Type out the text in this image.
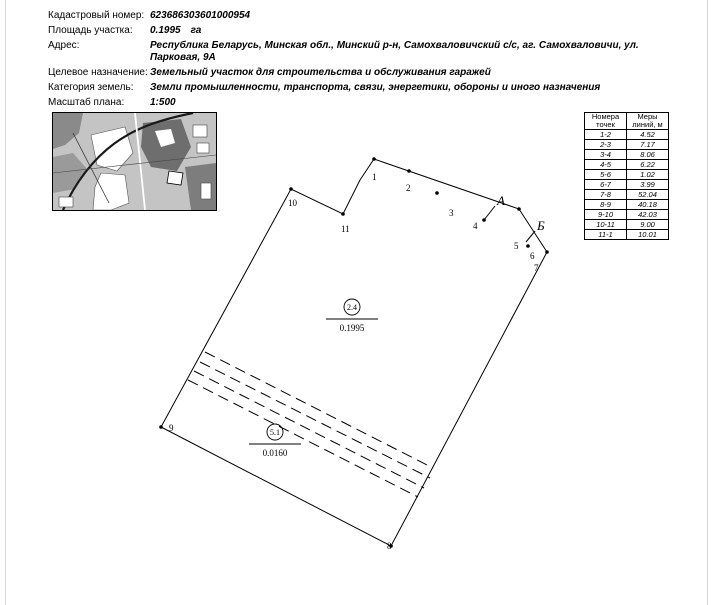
Кадастровый номер: 623686303601000954
Площадь участка:	0.1995 га
Адрес:	Республика Беларусь, Минская обл., Минский р-н, Самохваловичский с/с, аг. Самохваловичи, ул.
Парковая, 9А
Целевое назначение: Земельный участок для строительства и обслуживания гаражей
Категория земель:	Земли промышленности, транспорта, связи, энергетики, обороны и иного назначения
Масштаб плана:	1:500
Номера точек	Меры линий, м
1-2	4.52
2-3	7.17
3-4	8.06
4-5	6.22
5-6	1.02
6-7	3.99
7-8	52.04
8-9	40.18
9-10	42.03
10-11	9.00
11-1	10.01
А
Б
1
2
3
4
5
6
7
8
9
10
11
2.4
0.1995
5.1
0.0160
